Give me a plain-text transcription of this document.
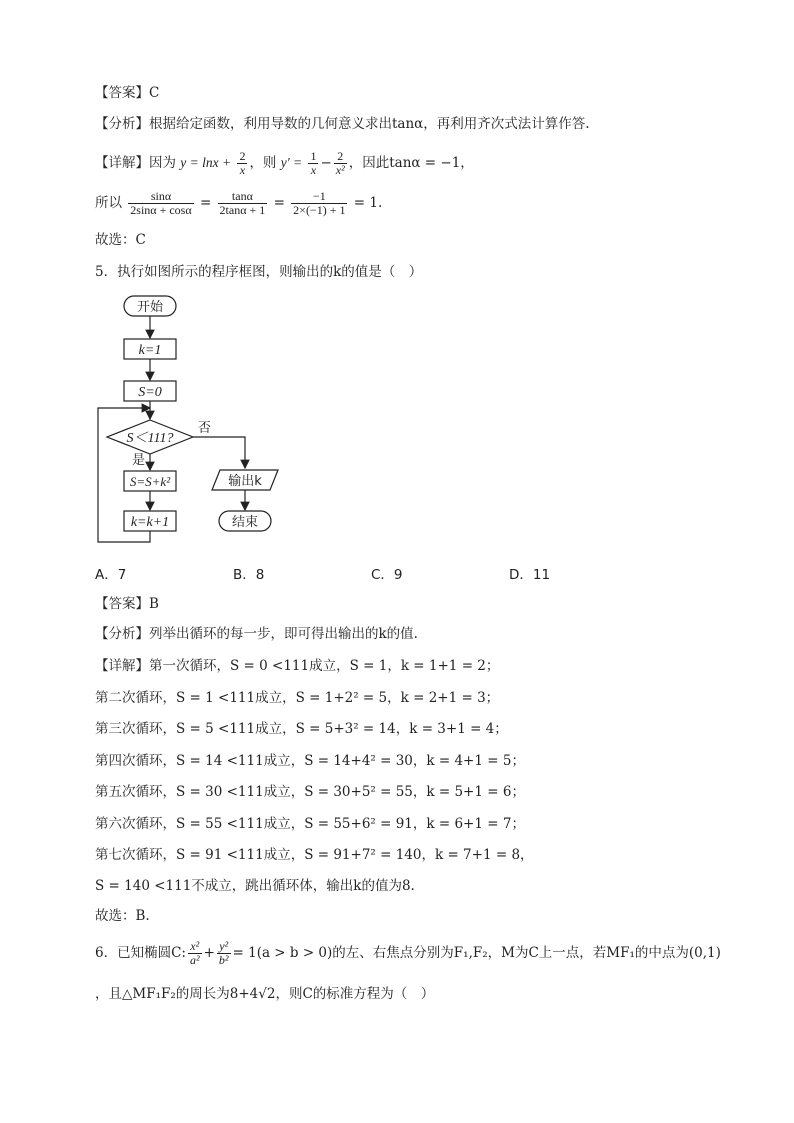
【答案】C
【分析】根据给定函数，利用导数的几何意义求出tanα，再利用齐次式法计算作答.
【详解】因为 $y = \ln x + \frac{2}{x}$ ，则 $y' = \frac{1}{x} - \frac{2}{\text{x²}}$ ，因此tanα = −1，
所以 $\frac{\sin\alpha}{2\sin\alpha + \cos\alpha} = \frac{\tan\alpha}{2\tan\alpha + 1} = \frac{-1}{2\times(-1) + 1} = 1$.
故选：C
5．执行如图所示的程序框图，则输出的k的值是（　）
开始
k=1
S=0
S＜111?
否
是
S=S+k²
k=k+1
输出k
结束
A．7	B．8	C．9	D．11
【答案】B
【分析】列举出循环的每一步，即可得出输出的k的值.
【详解】第一次循环，S = 0 <111成立，S = 1，k = 1+1 = 2；
第二次循环，S = 1 <111成立，S = 1+2² = 5，k = 2+1 = 3；
第三次循环，S = 5 <111成立，S = 5+3² = 14，k = 3+1 = 4；
第四次循环，S = 14 <111成立，S = 14+4² = 30，k = 4+1 = 5；
第五次循环，S = 30 <111成立，S = 30+5² = 55，k = 5+1 = 6；
第六次循环，S = 55 <111成立，S = 55+6² = 91，k = 6+1 = 7；
第七次循环，S = 91 <111成立，S = 91+7² = 140，k = 7+1 = 8，
S = 140 <111不成立，跳出循环体，输出k的值为8.
故选：B.
6．已知椭圆C: $\frac{\text{x²}}{\text{a²}} + \frac{\text{y²}}{\text{b²}} = 1(a > b > 0)$的左、右焦点分别为F₁,F₂，M为C上一点，若MF₁的中点为(0,1)
，且△MF₁F₂的周长为8+4√2，则C的标准方程为（　）
